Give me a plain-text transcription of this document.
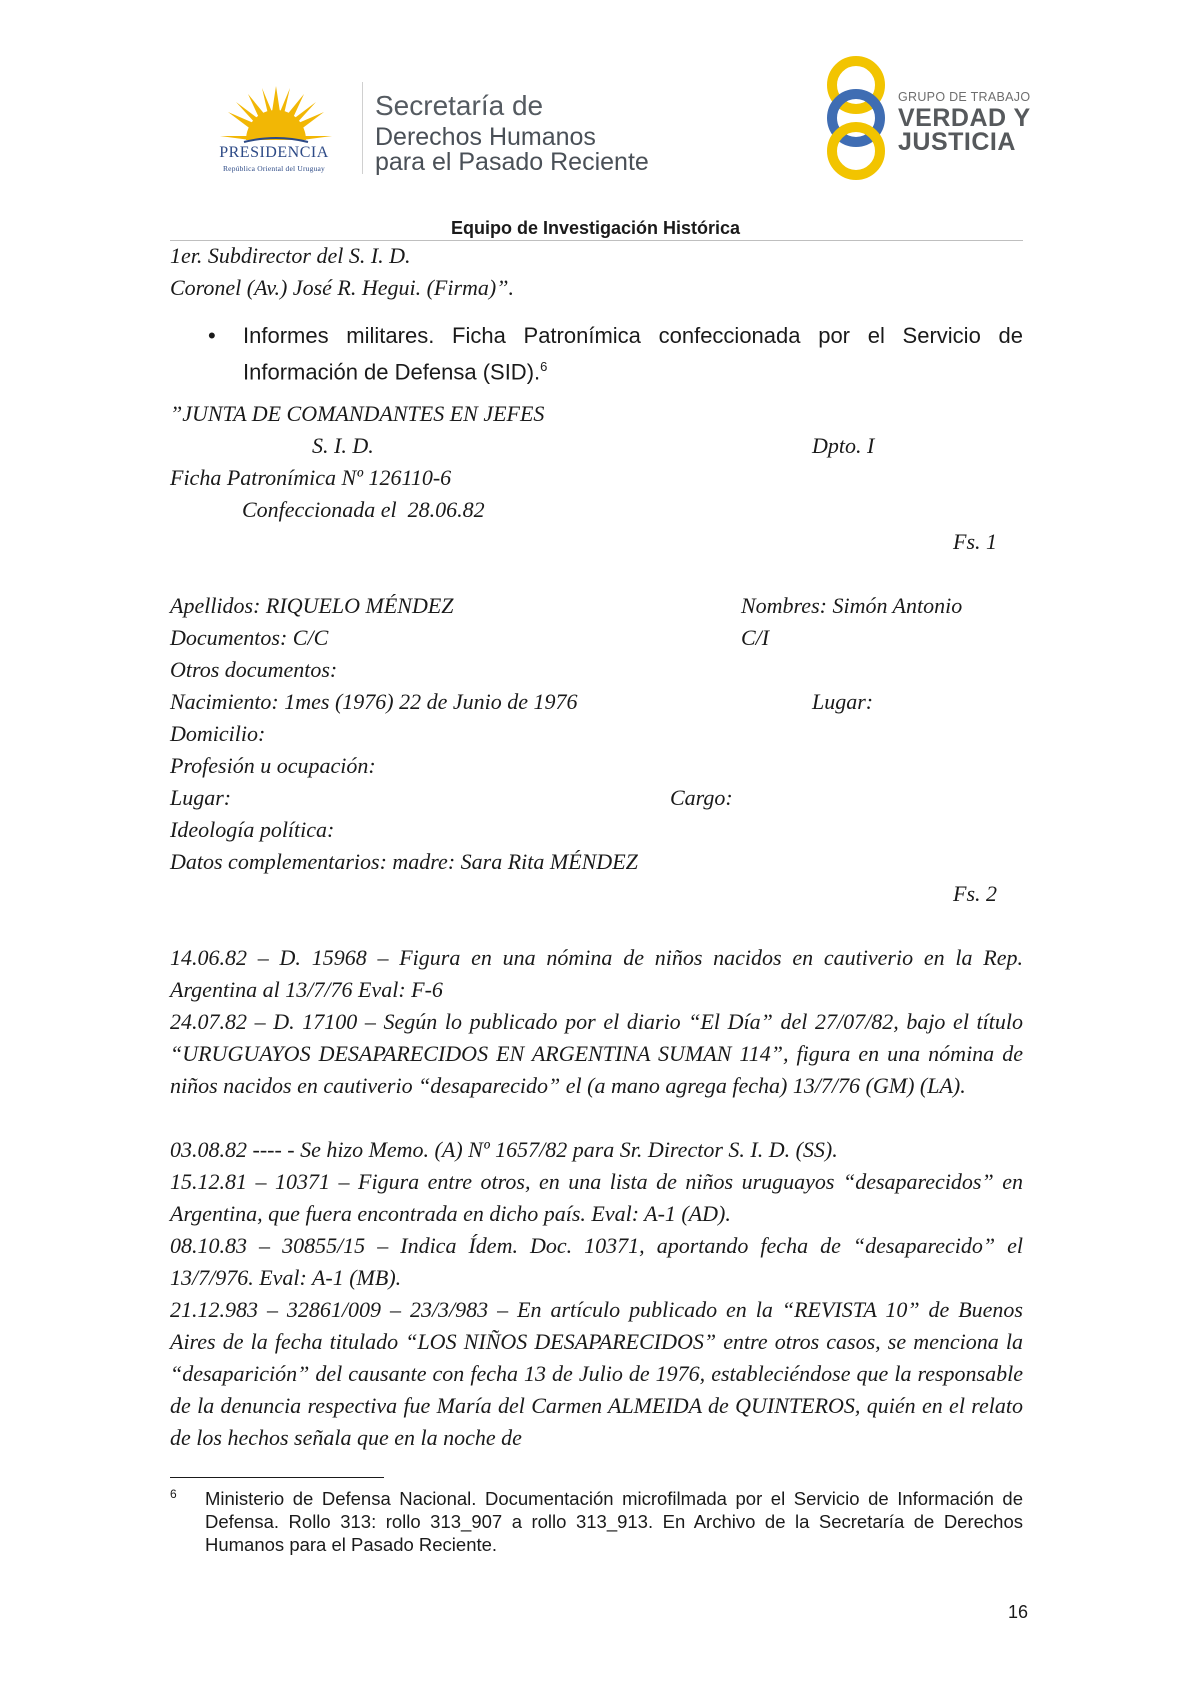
PRESIDENCIA
República Oriental del Uruguay
Secretaría de
Derechos Humanos
para el Pasado Reciente
GRUPO DE TRABAJO
VERDAD Y
JUSTICIA
Equipo de Investigación Histórica
1er. Subdirector del S. I. D.
Coronel (Av.) José R. Hegui. (Firma)”.
• Informes militares. Ficha Patronímica confeccionada por el Servicio de Información de Defensa (SID).$^6$
”JUNTA DE COMANDANTES EN JEFES
S. I. D.	Dpto. I
Ficha Patronímica Nº 126110-6
Confeccionada el  28.06.82
Fs. 1
Apellidos: RIQUELO MÉNDEZ	Nombres: Simón Antonio
Documentos: C/C	C/I
Otros documentos:
Nacimiento: 1mes (1976) 22 de Junio de 1976	Lugar:
Domicilio:
Profesión u ocupación:
Lugar:	Cargo:
Ideología política:
Datos complementarios: madre: Sara Rita MÉNDEZ
Fs. 2
14.06.82 – D. 15968 – Figura en una nómina de niños nacidos en cautiverio en la Rep. Argentina al 13/7/76 Eval: F-6
24.07.82 – D. 17100 – Según lo publicado por el diario “El Día” del 27/07/82, bajo el título “URUGUAYOS DESAPARECIDOS EN ARGENTINA SUMAN 114”, figura en una nómina de niños nacidos en cautiverio “desaparecido” el (a mano agrega fecha) 13/7/76 (GM) (LA).
03.08.82 ---- - Se hizo Memo. (A) Nº 1657/82 para Sr. Director S. I. D. (SS).
15.12.81 – 10371 – Figura entre otros, en una lista de niños uruguayos “desaparecidos” en Argentina, que fuera encontrada en dicho país. Eval: A-1 (AD).
08.10.83 – 30855/15 – Indica Ídem. Doc. 10371, aportando fecha de “desaparecido” el 13/7/976. Eval: A-1 (MB).
21.12.983 – 32861/009 – 23/3/983 – En artículo publicado en la “REVISTA 10” de Buenos Aires de la fecha titulado “LOS NIÑOS DESAPARECIDOS” entre otros casos, se menciona la “desaparición” del causante con fecha 13 de Julio de 1976, estableciéndose que la responsable de la denuncia respectiva fue María del Carmen ALMEIDA de QUINTEROS, quién en el relato de los hechos señala que en la noche de
6 Ministerio de Defensa Nacional. Documentación microfilmada por el Servicio de Información de Defensa. Rollo 313: rollo 313_907 a rollo 313_913. En Archivo de la Secretaría de Derechos Humanos para el Pasado Reciente.
16
